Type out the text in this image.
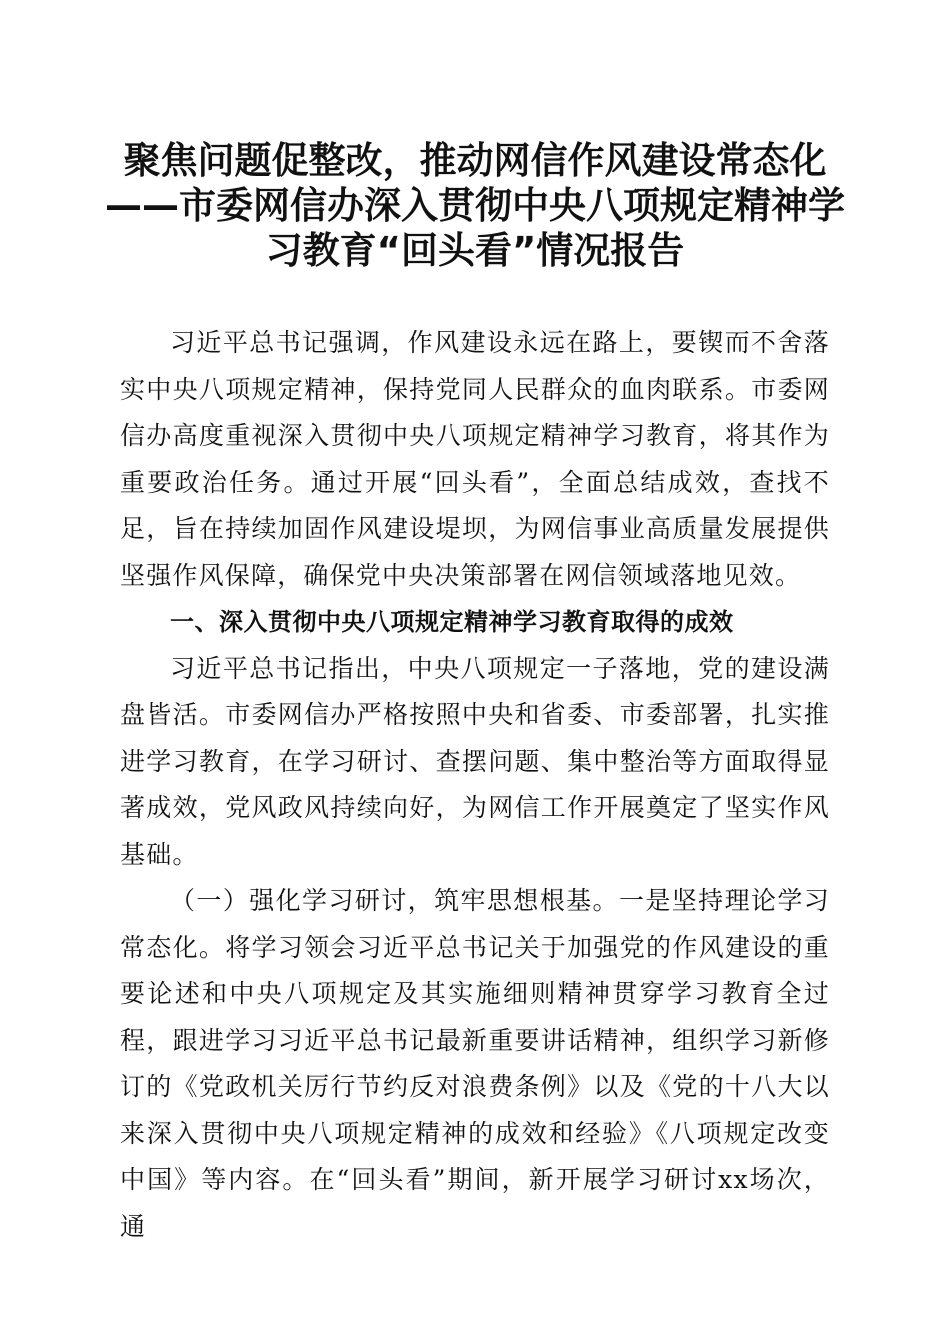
聚焦问题促整改，推动网信作风建设常态化
——市委网信办深入贯彻中央八项规定精神学
习教育“回头看”情况报告

习近平总书记强调，作风建设永远在路上，要锲而不舍落实中央八项规定精神，保持党同人民群众的血肉联系。市委网信办高度重视深入贯彻中央八项规定精神学习教育，将其作为重要政治任务。通过开展“回头看”，全面总结成效，查找不足，旨在持续加固作风建设堤坝，为网信事业高质量发展提供坚强作风保障，确保党中央决策部署在网信领域落地见效。

一、深入贯彻中央八项规定精神学习教育取得的成效

习近平总书记指出，中央八项规定一子落地，党的建设满盘皆活。市委网信办严格按照中央和省委、市委部署，扎实推进学习教育，在学习研讨、查摆问题、集中整治等方面取得显著成效，党风政风持续向好，为网信工作开展奠定了坚实作风基础。

（一）强化学习研讨，筑牢思想根基。一是坚持理论学习常态化。将学习领会习近平总书记关于加强党的作风建设的重要论述和中央八项规定及其实施细则精神贯穿学习教育全过程，跟进学习习近平总书记最新重要讲话精神，组织学习新修订的《党政机关厉行节约反对浪费条例》以及《党的十八大以来深入贯彻中央八项规定精神的成效和经验》《八项规定改变中国》等内容。在“回头看”期间，新开展学习研讨xx场次，通
